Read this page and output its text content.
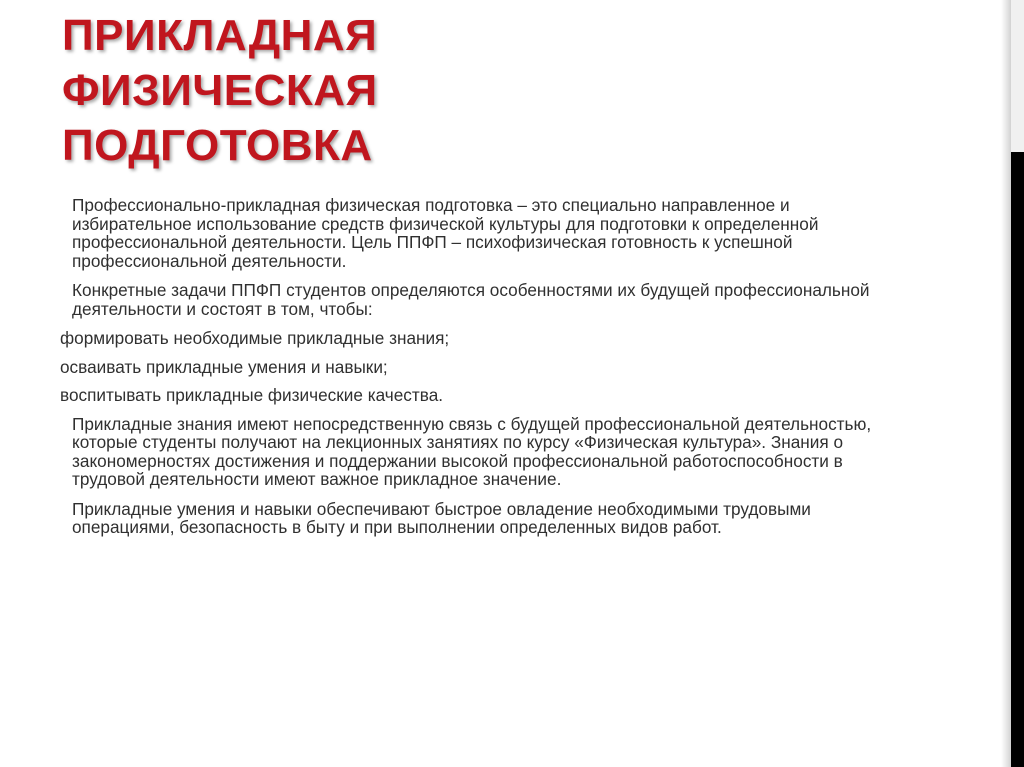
ПРИКЛАДНАЯ
ФИЗИЧЕСКАЯ
ПОДГОТОВКА

Профессионально-прикладная физическая подготовка – это специально направленное и избирательное использование средств физической культуры для подготовки к определенной профессиональной деятельности. Цель ППФП – психофизическая готовность к успешной профессиональной деятельности.

Конкретные задачи ППФП студентов определяются особенностями их будущей профессиональной деятельности и состоят в том, чтобы:

формировать необходимые прикладные знания;

осваивать прикладные умения и навыки;

воспитывать прикладные физические качества.

Прикладные знания имеют непосредственную связь с будущей профессиональной деятельностью, которые студенты получают на лекционных занятиях по курсу «Физическая культура». Знания о закономерностях достижения и поддержании высокой профессиональной работоспособности в трудовой деятельности имеют важное прикладное значение.

Прикладные умения и навыки обеспечивают быстрое овладение необходимыми трудовыми операциями, безопасность в быту и при выполнении определенных видов работ.
